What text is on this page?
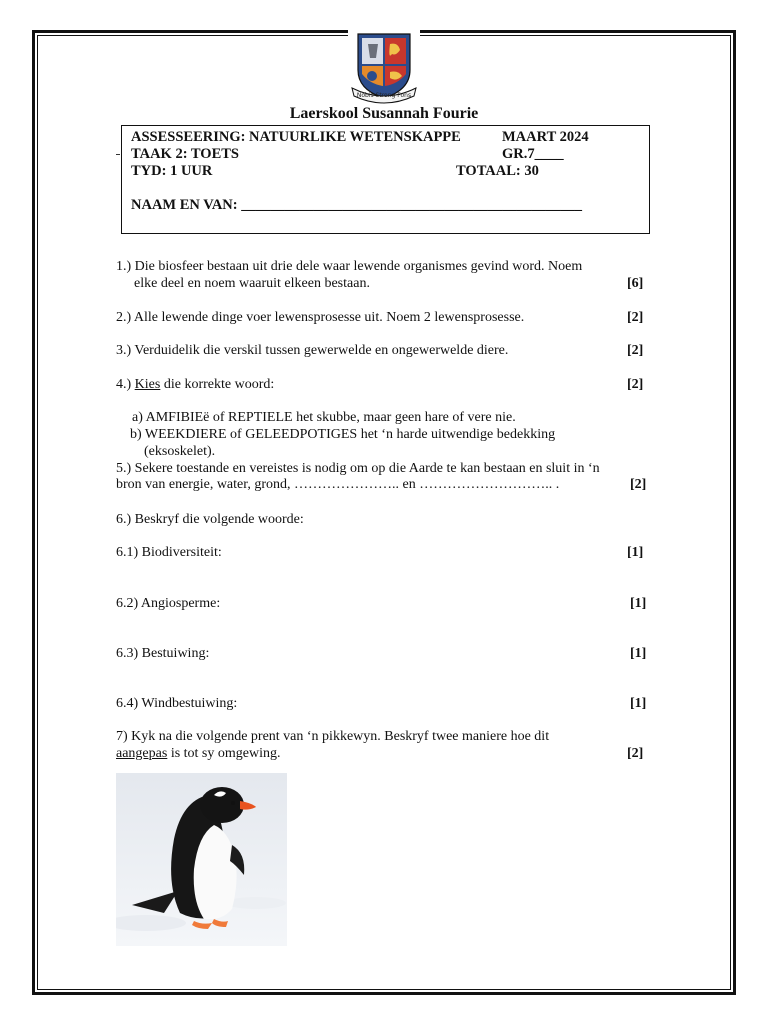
Nobis Strong Fons
Laerskool Susannah Fourie
ASSESSEERING: NATUURLIKE WETENSKAPPE	MAART 2024
TAAK 2: TOETS	GR.7____
TYD: 1 UUR	TOTAAL: 30
NAAM EN VAN: _______________________________________________
1.) Die biosfeer bestaan uit drie dele waar lewende organismes gevind word. Noem
elke deel en noem waaruit elkeen bestaan.	[6]
2.) Alle lewende dinge voer lewensprosesse uit. Noem 2 lewensprosesse.	[2]
3.) Verduidelik die verskil tussen gewerwelde en ongewerwelde diere.	[2]
4.) Kies die korrekte woord:	[2]
a) AMFIBIEë of REPTIELE het skubbe, maar geen hare of vere nie.
b) WEEKDIERE of GELEEDPOTIGES het ‘n harde uitwendige bedekking
(eksoskelet).
5.) Sekere toestande en vereistes is nodig om op die Aarde te kan bestaan en sluit in ‘n
bron van energie, water, grond, ………………….. en ……………………….. .	[2]
6.) Beskryf die volgende woorde:
6.1) Biodiversiteit:	[1]
6.2) Angiosperme:	[1]
6.3) Bestuiwing:	[1]
6.4) Windbestuiwing:	[1]
7) Kyk na die volgende prent van ‘n pikkewyn. Beskryf twee maniere hoe dit
aangepas is tot sy omgewing.	[2]
